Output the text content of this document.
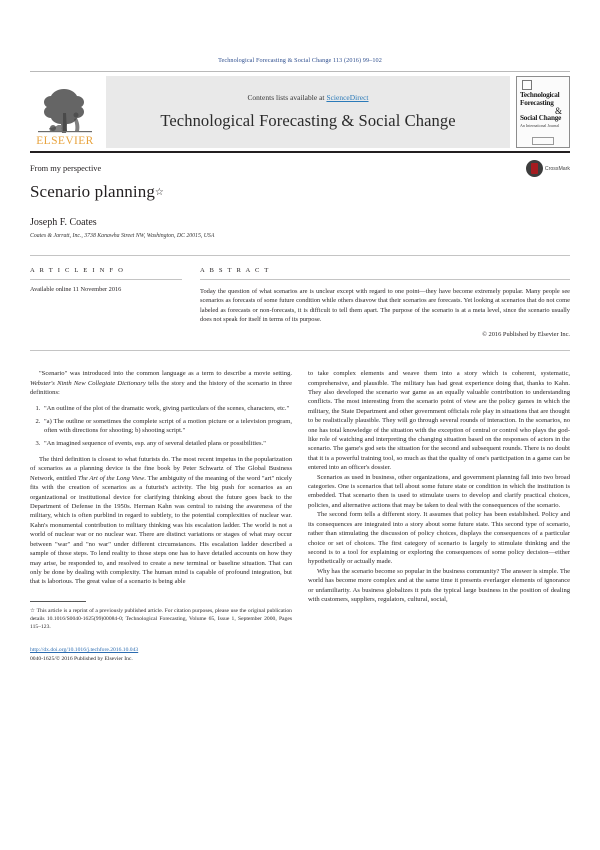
Technological Forecasting & Social Change 113 (2016) 99–102
ELSEVIER
Contents lists available at ScienceDirect
Technological Forecasting & Social Change
Technological
Forecasting
&
Social Change
An International Journal
From my perspective
Scenario planning☆
Joseph F. Coates
Coates & Jarratt, Inc., 3738 Kanawha Street NW, Washington, DC 20015, USA
CrossMark
A R T I C L E I N F O
Available online 11 November 2016
A B S T R A C T
Today the question of what scenarios are is unclear except with regard to one point—they have become extremely popular. Many people see scenarios as forecasts of some future condition while others disavow that their scenarios are forecasts. Yet looking at scenarios that do not come labeled as forecasts or non-forecasts, it is difficult to tell them apart. The purpose of the scenario is at a meta level, since the scenario usually does not speak for itself in terms of its purpose.
© 2016 Published by Elsevier Inc.

"Scenario" was introduced into the common language as a term to describe a movie setting. Webster's Ninth New Collegiate Dictionary tells the story and the history of the scenario in three definitions:

1. "An outline of the plot of the dramatic work, giving particulars of the scenes, characters, etc."
2. "a) The outline or sometimes the complete script of a motion picture or a television program, often with directions for shooting; b) shooting script."
3. "An imagined sequence of events, esp. any of several detailed plans or possibilities."

The third definition is closest to what futurists do. The most recent impetus in the popularization of scenarios as a planning device is the fine book by Peter Schwartz of The Global Business Network, entitled The Art of the Long View. The ambiguity of the meaning of the word "art" nicely fits with the creation of scenarios as a futurist's activity. The big push for scenarios as an organizational or institutional device for clarifying thinking about the future goes back to the Department of Defense in the 1950s. Herman Kahn was central to raising the awareness of the military, which is often purblind in regard to subtlety, to the potential complexities of nuclear war. Kahn's monumental contribution to military thinking was his escalation ladder. The world is not a world of nuclear war or no nuclear war. There are distinct variations or stages of what may occur between "war" and "no war" under different circumstances. His escalation ladder described a sample of those steps. To lend reality to those steps one has to have detailed accounts on how they may arise, be responded to, and resolved to create a new terminal or baseline situation. That can only be done by dealing with complexity. The human mind is capable of profound integration, but that is laborious. The great value of a scenario is being able

☆ This article is a reprint of a previously published article. For citation purposes, please use the original publication details 10.1016/S0040-1625(99)00084-0; Technological Forecasting, Volume 65, Issue 1, September 2000, Pages 115–123.
http://dx.doi.org/10.1016/j.techfore.2016.10.043
0040-1625/© 2016 Published by Elsevier Inc.

to take complex elements and weave them into a story which is coherent, systematic, comprehensive, and plausible. The military has had great experience doing that, thanks to Kahn. They also developed the scenario war game as an equally valuable contribution to understanding conflicts. The most interesting from the scenario point of view are the policy games in which the military, the State Department and other government officials role play in situations that are thought to be realistically plausible. They will go through several rounds of interaction. In the scenarios, no one has total knowledge of the situation with the exception of central or control who plays the god-like role of watching and interpreting the changing situation based on the responses of actors in the scenario. The game's god sets the situation for the second and subsequent rounds. There is no doubt that it is a powerful training tool, so much as that the quality of one's participation in a game can be entered into an officer's dossier.

Scenarios as used in business, other organizations, and government planning fall into two broad categories. One is scenarios that tell about some future state or condition in which the institution is embedded. That scenario then is used to stimulate users to develop and clarify practical choices, policies, and alternative actions that may be taken to deal with the consequences of the scenario.

The second form tells a different story. It assumes that policy has been established. Policy and its consequences are integrated into a story about some future state. This second type of scenario, rather than stimulating the discussion of policy choices, displays the consequences of a particular choice or set of choices. The first category of scenario is largely to stimulate thinking and the second is to a tool for explaining or exploring the consequences of some policy decision—either hypothetically or actually made.

Why has the scenario become so popular in the business community? The answer is simple. The world has become more complex and at the same time it presents everlarger elements of ignorance or unfamiliarity. As business globalizes it puts the typical large business in the position of dealing with customers, suppliers, regulators, cultural, social,
